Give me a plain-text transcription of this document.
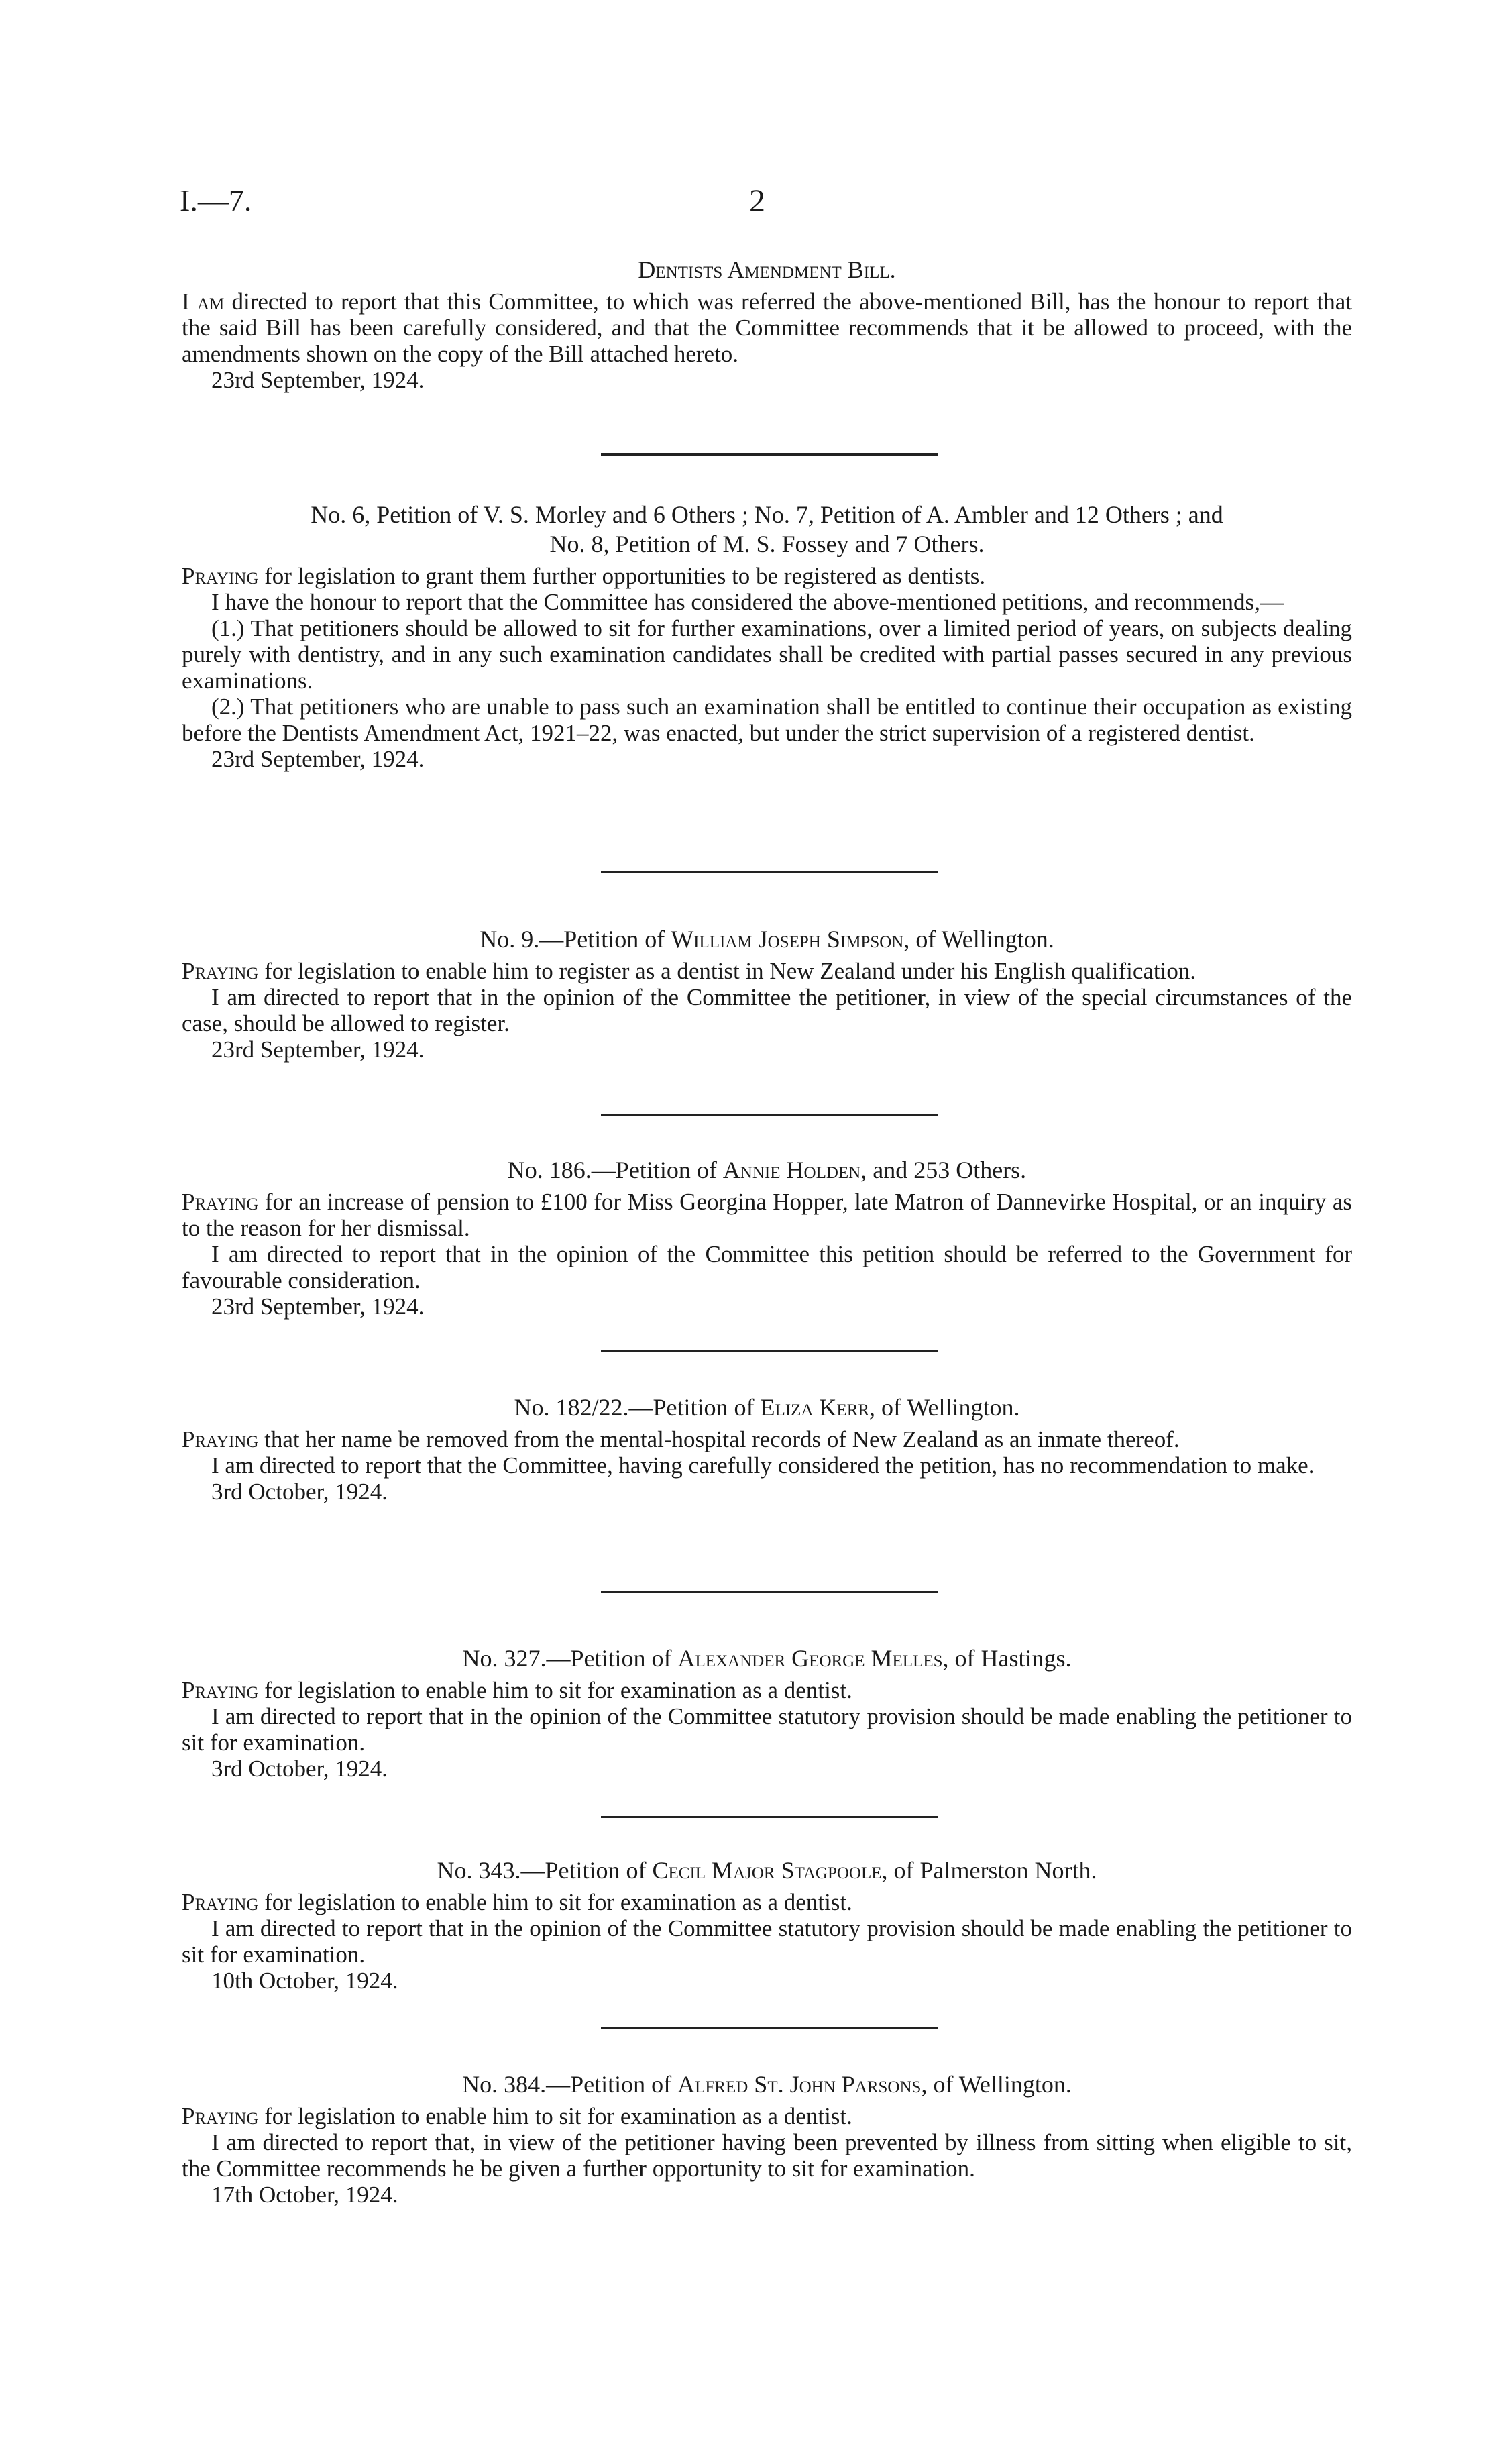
I.—7.	2
Dentists Amendment Bill.

I am directed to report that this Committee, to which was referred the above-mentioned Bill, has the honour to report that the said Bill has been carefully considered, and that the Committee recommends that it be allowed to proceed, with the amendments shown on the copy of the Bill attached hereto.

23rd September, 1924.

No. 6, Petition of V. S. Morley and 6 Others ; No. 7, Petition of A. Ambler and 12 Others ; and
No. 8, Petition of M. S. Fossey and 7 Others.

Praying for legislation to grant them further opportunities to be registered as dentists.

I have the honour to report that the Committee has considered the above-mentioned petitions, and recommends,—

(1.) That petitioners should be allowed to sit for further examinations, over a limited period of years, on subjects dealing purely with dentistry, and in any such examination candidates shall be credited with partial passes secured in any previous examinations.

(2.) That petitioners who are unable to pass such an examination shall be entitled to continue their occupation as existing before the Dentists Amendment Act, 1921–22, was enacted, but under the strict supervision of a registered dentist.

23rd September, 1924.

No. 9.—Petition of William Joseph Simpson, of Wellington.

Praying for legislation to enable him to register as a dentist in New Zealand under his English qualification.

I am directed to report that in the opinion of the Committee the petitioner, in view of the special circumstances of the case, should be allowed to register.

23rd September, 1924.

No. 186.—Petition of Annie Holden, and 253 Others.

Praying for an increase of pension to £100 for Miss Georgina Hopper, late Matron of Dannevirke Hospital, or an inquiry as to the reason for her dismissal.

I am directed to report that in the opinion of the Committee this petition should be referred to the Government for favourable consideration.

23rd September, 1924.

No. 182/22.—Petition of Eliza Kerr, of Wellington.

Praying that her name be removed from the mental-hospital records of New Zealand as an inmate thereof.

I am directed to report that the Committee, having carefully considered the petition, has no recommendation to make.

3rd October, 1924.

No. 327.—Petition of Alexander George Melles, of Hastings.

Praying for legislation to enable him to sit for examination as a dentist.

I am directed to report that in the opinion of the Committee statutory provision should be made enabling the petitioner to sit for examination.

3rd October, 1924.

No. 343.—Petition of Cecil Major Stagpoole, of Palmerston North.

Praying for legislation to enable him to sit for examination as a dentist.

I am directed to report that in the opinion of the Committee statutory provision should be made enabling the petitioner to sit for examination.

10th October, 1924.

No. 384.—Petition of Alfred St. John Parsons, of Wellington.

Praying for legislation to enable him to sit for examination as a dentist.

I am directed to report that, in view of the petitioner having been prevented by illness from sitting when eligible to sit, the Committee recommends he be given a further opportunity to sit for examination.

17th October, 1924.
